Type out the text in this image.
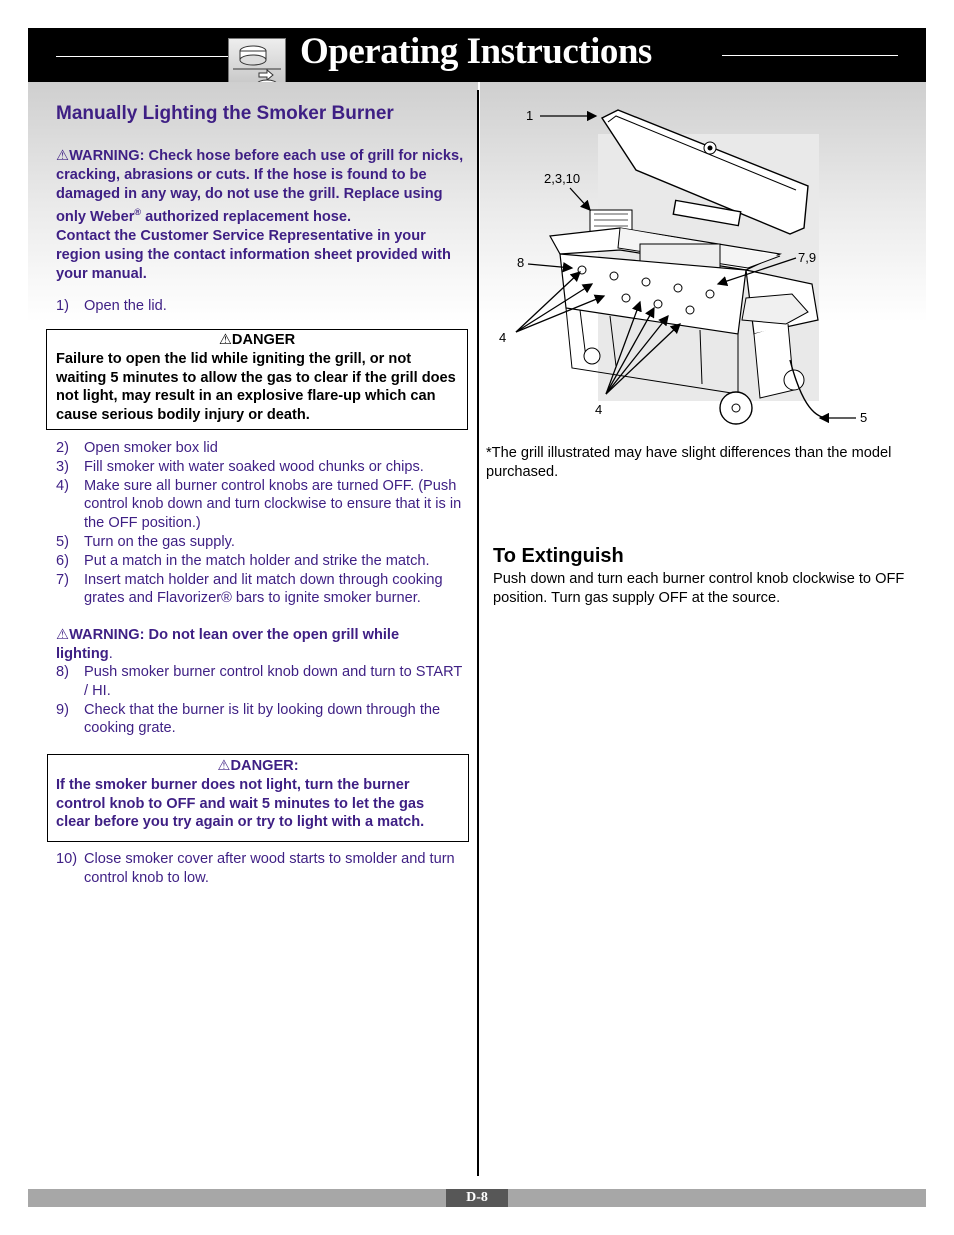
Operating Instructions
Manually Lighting the Smoker Burner
⚠WARNING: Check hose before each use of grill for nicks, cracking, abrasions or cuts. If the hose is found to be damaged in any way, do not use the grill. Replace using only Weber® authorized replacement hose.
Contact the Customer Service Representative in your region using the contact information sheet provided with your manual.
1) Open the lid.
⚠DANGER
Failure to open the lid while igniting the grill, or not waiting 5 minutes to allow the gas to clear if the grill does not light, may result in an explosive flare-up which can cause serious bodily injury or death.
2) Open smoker box lid
3) Fill smoker with water soaked wood chunks or chips.
4) Make sure all burner control knobs are turned OFF. (Push control knob down and turn clockwise to ensure that it is in the OFF position.)
5) Turn on the gas supply.
6) Put a match in the match holder and strike the match.
7) Insert match holder and lit match down through cooking grates and Flavorizer® bars to ignite smoker burner.
⚠WARNING: Do not lean over the open grill while lighting.
8) Push smoker burner control knob down and turn to START / HI.
9) Check that the burner is lit by looking down through the cooking grate.
⚠DANGER:
If the smoker burner does not light, turn the burner control knob to OFF and wait 5 minutes to let the gas clear before you try again or try to light with a match.
10) Close smoker cover after wood starts to smolder and turn control knob to low.
1
2,3,10
8	7,9
4
4
5
*The grill illustrated may have slight differences than the model purchased.
To Extinguish
Push down and turn each burner control knob clockwise to OFF position. Turn gas supply OFF at the source.
D-8
